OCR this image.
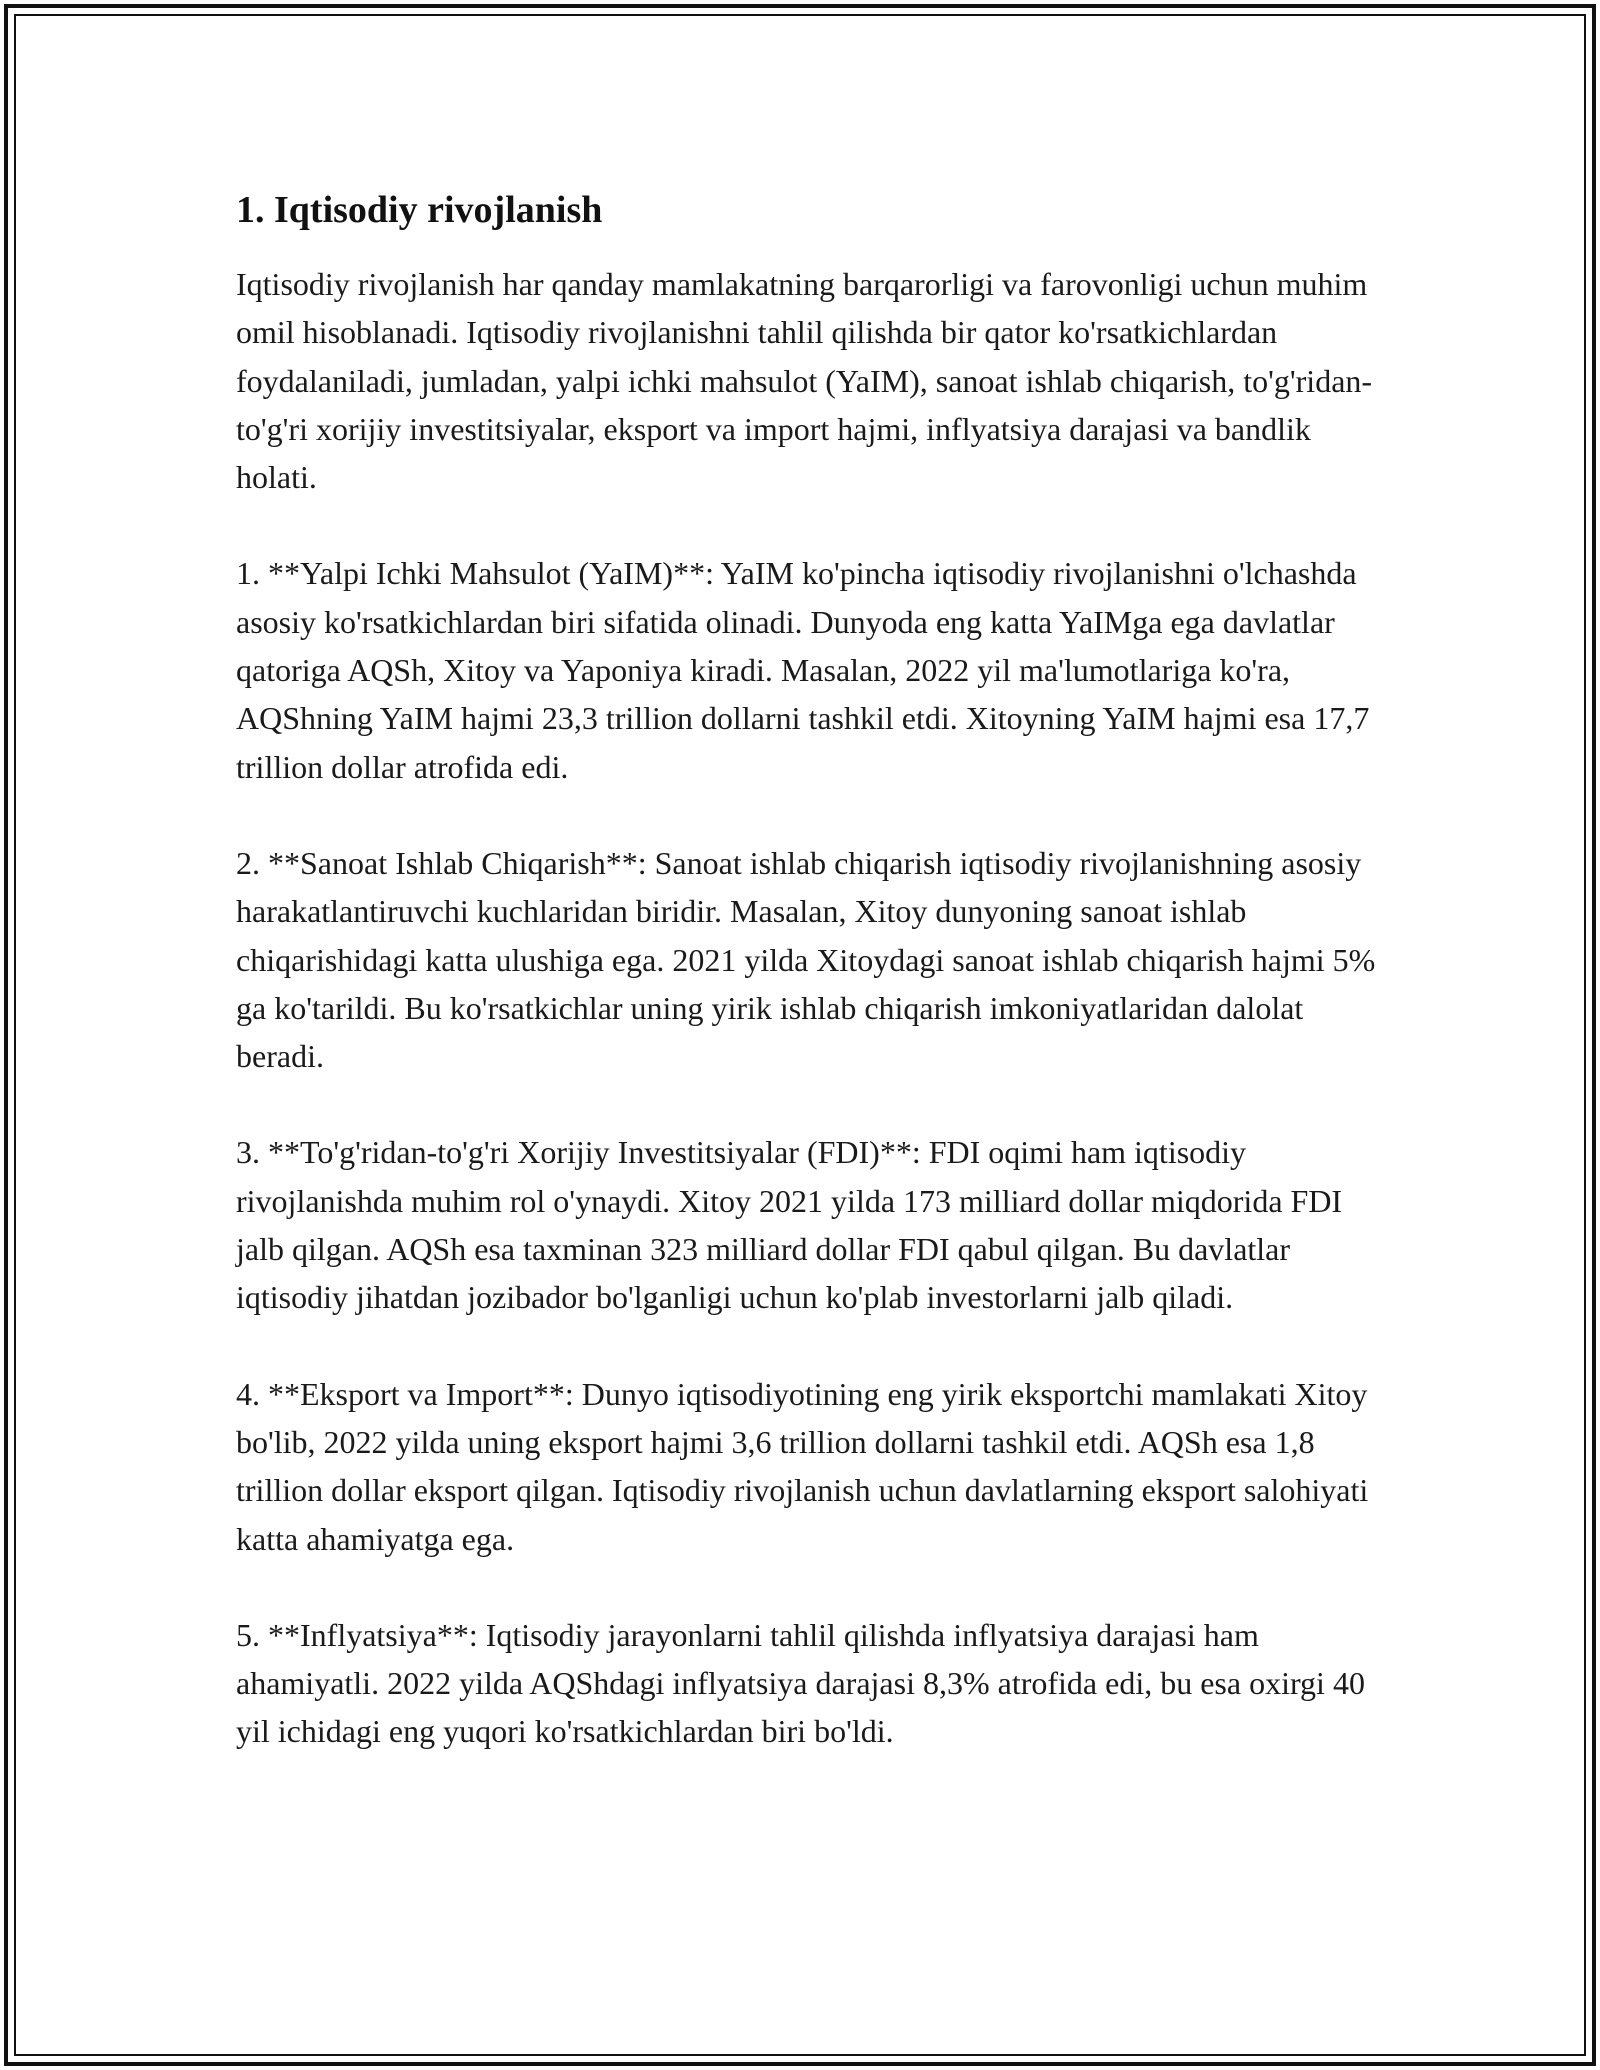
1. Iqtisodiy rivojlanish

Iqtisodiy rivojlanish har qanday mamlakatning barqarorligi va farovonligi uchun muhim omil hisoblanadi. Iqtisodiy rivojlanishni tahlil qilishda bir qator ko'rsatkichlardan foydalaniladi, jumladan, yalpi ichki mahsulot (YaIM), sanoat ishlab chiqarish, to'g'ridan-to'g'ri xorijiy investitsiyalar, eksport va import hajmi, inflyatsiya darajasi va bandlik holati.

1. **Yalpi Ichki Mahsulot (YaIM)**: YaIM ko'pincha iqtisodiy rivojlanishni o'lchashda asosiy ko'rsatkichlardan biri sifatida olinadi. Dunyoda eng katta YaIMga ega davlatlar qatoriga AQSh, Xitoy va Yaponiya kiradi. Masalan, 2022 yil ma'lumotlariga ko'ra, AQShning YaIM hajmi 23,3 trillion dollarni tashkil etdi. Xitoyning YaIM hajmi esa 17,7 trillion dollar atrofida edi.

2. **Sanoat Ishlab Chiqarish**: Sanoat ishlab chiqarish iqtisodiy rivojlanishning asosiy harakatlantiruvchi kuchlaridan biridir. Masalan, Xitoy dunyoning sanoat ishlab chiqarishidagi katta ulushiga ega. 2021 yilda Xitoydagi sanoat ishlab chiqarish hajmi 5% ga ko'tarildi. Bu ko'rsatkichlar uning yirik ishlab chiqarish imkoniyatlaridan dalolat beradi.

3. **To'g'ridan-to'g'ri Xorijiy Investitsiyalar (FDI)**: FDI oqimi ham iqtisodiy rivojlanishda muhim rol o'ynaydi. Xitoy 2021 yilda 173 milliard dollar miqdorida FDI jalb qilgan. AQSh esa taxminan 323 milliard dollar FDI qabul qilgan. Bu davlatlar iqtisodiy jihatdan jozibador bo'lganligi uchun ko'plab investorlarni jalb qiladi.

4. **Eksport va Import**: Dunyo iqtisodiyotining eng yirik eksportchi mamlakati Xitoy bo'lib, 2022 yilda uning eksport hajmi 3,6 trillion dollarni tashkil etdi. AQSh esa 1,8 trillion dollar eksport qilgan. Iqtisodiy rivojlanish uchun davlatlarning eksport salohiyati katta ahamiyatga ega.

5. **Inflyatsiya**: Iqtisodiy jarayonlarni tahlil qilishda inflyatsiya darajasi ham ahamiyatli. 2022 yilda AQShdagi inflyatsiya darajasi 8,3% atrofida edi, bu esa oxirgi 40 yil ichidagi eng yuqori ko'rsatkichlardan biri bo'ldi.
